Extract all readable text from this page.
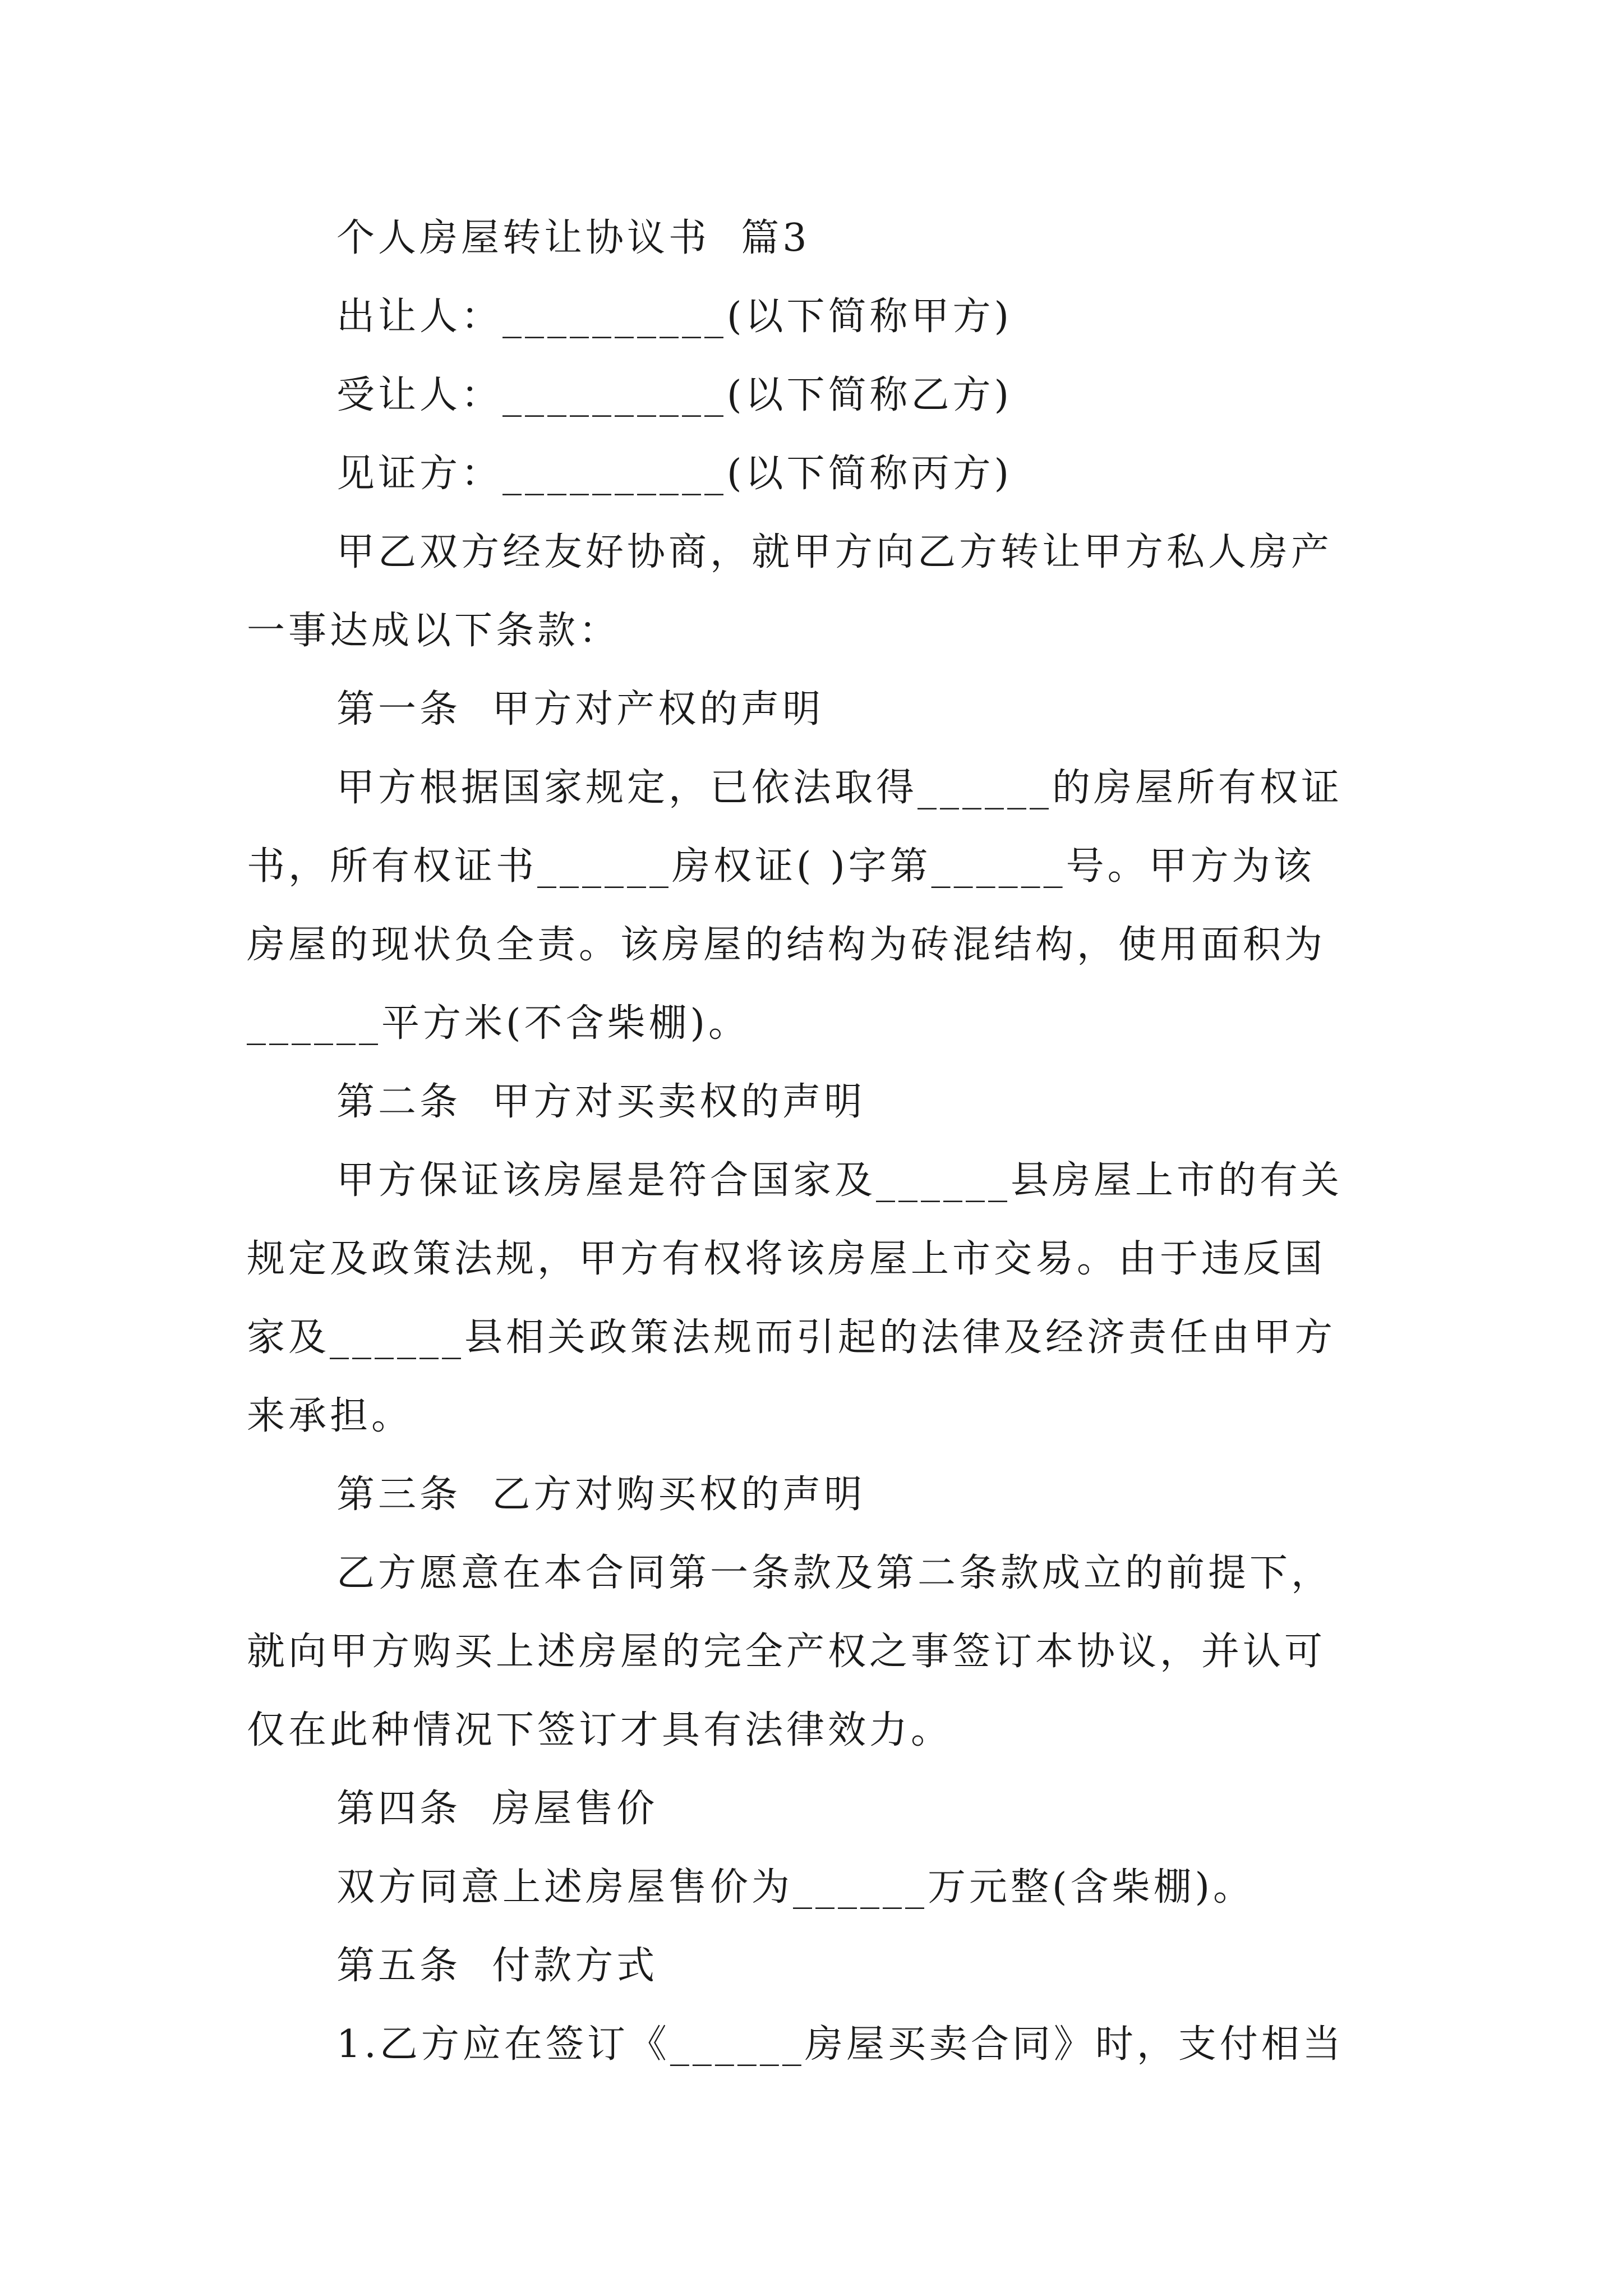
个人房屋转让协议书  篇3
出让人：__________(以下简称甲方)
受让人：__________(以下简称乙方)
见证方：__________(以下简称丙方)
甲乙双方经友好协商，就甲方向乙方转让甲方私人房产
一事达成以下条款：
第一条  甲方对产权的声明
甲方根据国家规定，已依法取得______的房屋所有权证
书，所有权证书______房权证( )字第______号。甲方为该
房屋的现状负全责。该房屋的结构为砖混结构，使用面积为
______平方米(不含柴棚)。
第二条  甲方对买卖权的声明
甲方保证该房屋是符合国家及______县房屋上市的有关
规定及政策法规，甲方有权将该房屋上市交易。由于违反国
家及______县相关政策法规而引起的法律及经济责任由甲方
来承担。
第三条  乙方对购买权的声明
乙方愿意在本合同第一条款及第二条款成立的前提下，
就向甲方购买上述房屋的完全产权之事签订本协议，并认可
仅在此种情况下签订才具有法律效力。
第四条  房屋售价
双方同意上述房屋售价为______万元整(含柴棚)。
第五条  付款方式
1.乙方应在签订《______房屋买卖合同》时，支付相当
